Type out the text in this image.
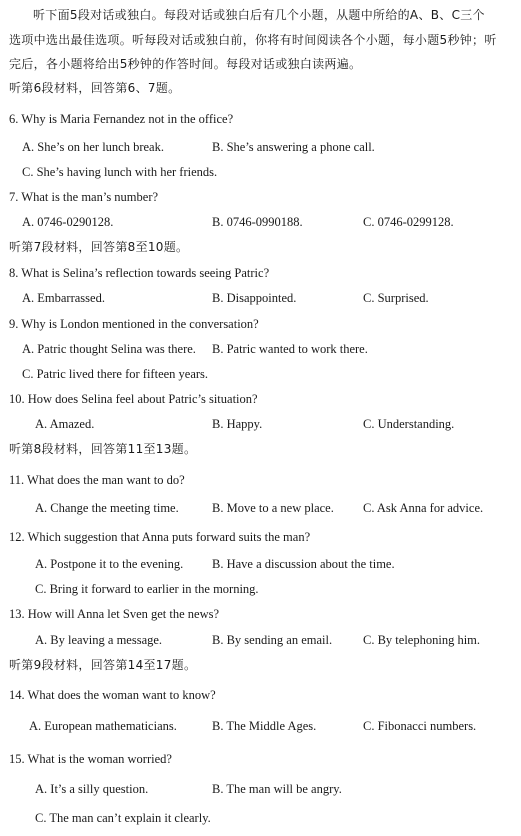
听下面5段对话或独白。每段对话或独白后有几个小题，从题中所给的A、B、C三个
选项中选出最佳选项。听每段对话或独白前，你将有时间阅读各个小题，每小题5秒钟；听
完后，各小题将给出5秒钟的作答时间。每段对话或独白读两遍。
听第6段材料，回答第6、7题。
6. Why is Maria Fernandez not in the office?
A. She’s on her lunch break.	B. She’s answering a phone call.
C. She’s having lunch with her friends.
7. What is the man’s number?
A. 0746-0290128.	B. 0746-0990188.	C. 0746-0299128.
听第7段材料，回答第8至10题。
8. What is Selina’s reflection towards seeing Patric?
A. Embarrassed.	B. Disappointed.	C. Surprised.
9. Why is London mentioned in the conversation?
A. Patric thought Selina was there. B. Patric wanted to work there.
C. Patric lived there for fifteen years.
10. How does Selina feel about Patric’s situation?
A. Amazed.	B. Happy.	C. Understanding.
听第8段材料，回答第11至13题。
11. What does the man want to do?
A. Change the meeting time.	B. Move to a new place. C. Ask Anna for advice.
12. Which suggestion that Anna puts forward suits the man?
A. Postpone it to the evening. B. Have a discussion about the time.
C. Bring it forward to earlier in the morning.
13. How will Anna let Sven get the news?
A. By leaving a message.	B. By sending an email. C. By telephoning him.
听第9段材料，回答第14至17题。
14. What does the woman want to know?
A. European mathematicians.	B. The Middle Ages.	C. Fibonacci numbers.
15. What is the woman worried?
A. It’s a silly question.	B. The man will be angry.
C. The man can’t explain it clearly.
